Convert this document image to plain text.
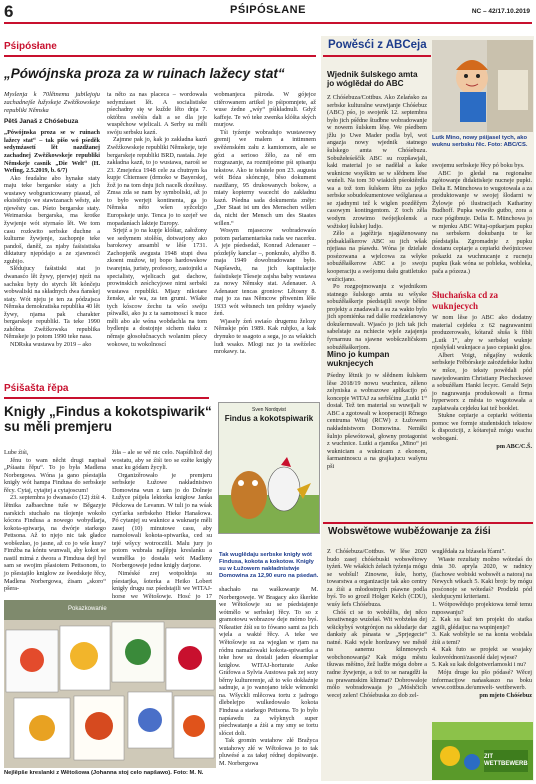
6	PŚIPÓSŁANE	NC – 42/17.10.2019
Pśipósłane
„Pówójnska proza za w ruinach lažecy stat“
Myslenja k 70lětnemu jubilejoju zachadnejše łužyskeje Zwěźkowskeje republiki Němska
Pětš Janaš z Chóśebuza

„Pówójnska proza se w ruinach lažecy stat“ – tak pišo wó pśeděk sedymźasetí lět nazdžanej zachadnej Zwěźkowskeje republiki Němskeje casnik „Die Welt“ (H. Wefing, 2.5.2019, b. 6/7)

Ako feudalne abo hynake staty maju teke bergarske staty a jich wustawy wobgranicowany piasud, zě eksistěrujo we stawizanach wěsty, ale njewěsty cas. Pśeto bergarske staty. Weimarska bergarska, ma krotke žywjenje wót styrnaśo lět. We tom casu rozkwito serbske duchne a kulturne žywjenje, zachopnje teke pandoš, daněž, za njaby faśisistiska diktatury njepódajo a ze zjawnosći zgubijo.

Slědujucy faśistiski stat jo dwanasćo lět žywy, pjerwjej njeźi na sachsku byty do styrch lět kónčeju wobwaliski na składnych dwa ňanskej staty. Wót njeju je ten za pódzajsca Němska demokratiska republika 40 lět žywy, njama pak charakter bergarskeje republiki. Ta teke 1990 zahóbna Zwěźkowska republika Němskeje jo potom 1990 teke nasa.

NDRska wustawa by 2019 – ako

ta něto za nas placeca – wordowała sedymźaset lět. A socialistiske pśechadny się w kužde lěto dnja 7. októbra swěśis dali a se dla jeje wuspěchow wjelicali. A Serby su měli swóju serbsku kazń.

Zajmne pak jo, kak jo zakładna kazń Zwěźkowskeje republiki Němskeje, teje bergarskeje republiki BRD, nastała. Jeje zakładna kazń, to jo wustawa, narośi se 23. Zmejeńca 1948 cele za chutnym ka kupje Chiemsee (drmoko w Bayerskej, žož jo na tom dnju jich nacelk dozélusy. Zmsa zda se nam by symboliski, až jo to było werjejt kontinenta, ga jo Němska něto wšen syžcelzjo Europskeje unje. Tenca jo to szejeř we mopadaníach lakteje Europy.

Srjejź a jo na kupje klóštar, załožony we sedymem stolěśu, dotwarjony ako barokowy ansambl w lěśe 1731. Zachopjeńk awgusta 1948 stupi dwa zkoent mužow, tej bopo hardowskow twarejnia, juristy, profesory, zastojniki a specialisty, wjelicach gat dachow, prowinskich ześchcyjowe nimi serbski wustawa republiki. Mjazy nikotare ženske, ale wa, za ten grumi. Wšake tych kóscow źechu ta wšo swóju pśiwalki, ako ju z ta samotnoscí k nuce měli abo ale wóna wobdachla na tom bydlenju a dostojnje sichem tłaku z němsje głosolučnacych wolanim pšecy wokowe, tu wokolnoscí

wobmanjeca pśirodа. W gójejce citěrowanem artikel jo pśipomnjete, až wuse źedne „wśy“ pśikładnuli. Gdyž kaffeje. Te wó teke zwenka klóšta ských murjow.

Tśi tyźenje wobradujo wustawowy gremij we malem a intimnem swěźenském zału z kamiomom, ale se gózi a serioso žělo, za ně em rozgrazanje, za rozmijeóme pśi spisanju tekstow. Ako te tekstele pon 23. augusta wót Bóza skóncnje, běso dokument nazdžany, 95 drukowanych bokow, a miaty kopterny wacecht do zakładnu kazń. Pśedna sada dokumenta zněje: „Der Staat ist um des Menschen willen da, nicht der Mensch um des Staates willen.“

Wosym mjasecow wobradowaśo potom parlamentariska rada we nacerku. A jeje pśedsedaž, Konrad Adenauer – pózdejšy kanclar –, ponknuło, alyžbo 8. maja 1949 dowobradowane było. Napšawdu, na jich kapitulacije faśistiskeje Tšeseje zajsha baby wustawa za nowy Němsky stat. Adenauer. A Adenauer tencas groniow: Lětosny 8. maj jo za nas Němcow přiwenim lěše 1933 wót wětsnech ten prědny wjasely źeń.

Wjasely źeń swiaśo drugemu želozy Němskje pón 1989. Kak ruhjko, a kak drynuko te ssagoto a sega, jo za wšakich ludi wsako. Mlogi raz jo ta swěźelec mrokawy. ta.

Pśišašta řěpa
Knigły „Findus a kokotspiwarik“ su měli premjeru

Lube źiśi,

Jěnu to wam něcht drugi napisał „Pśiaatu řěpu“. To jo była Madlena Norbergowa. Wóna ja gano pśestajiła knigły wót hampa Findusa do serbskeje řěcy. Cytaj, cytajtej a cytajoscum!

23. septembra jo dwanasćo (12) źiśi 4. lětnika załbaechne tuše w Běgazyje narskich stuchało na tšojenje wokoło kócora Findusa a nowego wobydlarja, kokota-spiwarja, na dwórje starkego Pettsona. Až to njejo nic tak gładce wobšezłao, jo jasne, až co jo wše kusy? Fimžba na kóntu wunwali, aby kokot se nastil mimá z dwora a Fimdusa dejł byl sam se swojim pšasiotem Pettsonom, to jo pšestajiło knigłow ze šwedskeje řěcy, Madlena Norbergowa, źisam „skoro“ pšera-

žiła – ale se wě nic celo. Napśibliož dej wostatu, aby se źiśi teo se ezěte knigły snaz ku gódam žycyli.

Organizěrowało je premjeru serbskeje Łužowe nakładnistwo Domowina wun z tam jo do Dolnejе Łužyce pśijeła lektorka knigłow Janka Pěckowa de Levanın. W tuli jo na wśak cyrťarka serbskeho Hieke Hanašowa. Pó cytanjej su wuknice a wuknarje měli zasej (10) minutowe casu, aby namolowali kokota-spiwarika, ced su tejé wšycy wotrocziili. Malu jury jo potom wubrała najlěpju kreslanku a wumělka jo dostała wót Madleny Norbergoweje jedne knigły darjone.

Niméské zrеj wotpoldnja su pśestarjka, šoterka a Heiko Lobert knigły drugu raz pśedstajili we WITAJ-horse we Wětošowje. Hosć jo 17

Pokazkowanie
Nejlěpše kreslanki z Wětošowa (Johanna stoj celo napšawo). Foto: M. N.
Sven Nordqvist
Findus a kokotspiwarik
Tak wuglědaju serbske knigły wót Findusa, kokota a kokotow. Knigły su w Łužowem nakładnistwje Domowina za 12,90 euro na pśedań.

shachało na waškowanje M. Norbergoweje. W Bragacy ako škerkte we Wětošowje su se pśedstajenje wótmělo w serbskej řěcy. To so z gramotowu wobrazow deje mórno byś. Nikeatier źiśi su to fówano sami za jich wjela a wakté řěcy. A teke we Wětošowje su za wjeglan w rjam na ródnu namaźowaki kokota-spiwarika a teke how su dostali jaden eksemplar knigłow. WITAJ-horturate Anke Gráfowa a Sylvia Austowa pak zej sezy běrny kulturerenje, až to wšo dokłaźnje sadnuje, a jo wanojano tekle wšmonki na. Wšyckli mlěcowa tortu z jadrogo dlebelejpo wulkedowalo kokota Findusa a starkego Pettsona. To jo było napśawdu za wšyknych super pśechwatanje a źiśi a my smy se tortu slócei doli.

Tak gromin wutahow złé Bražyca wutahowy złé w Wětošowa jo to tak pluwésé a za takej rédnej dopśiwanje. M. Norbergowa

Powěsći z ABCeja
Wjednik šulskego amta jo wóglědał do ABC

Z Chóśebuza/Cottbus. Ako Zelańsko za serbske kulturalne wuwijanje Chóśebuz (ABC) pśo, jo swojeńk 12. septembra było jich pśědne študbne wobradowanje w nowem šulskem lěsę. We pśedbem jžlu jo Uwe Mader podla byl, wot angazja nowy wjednik statnego šulskego amta w Chóśebuzu. Sobužełeśeščík ABC su rozpšawjali, kaki material jo se nadělał a kake wuknicne wsyškim se w slědnem lěse wuńeli. Na tom 30 wiakich pśeoktěrdla wa a tož tom šulskem lětu za jejko serbske sobudokumentowe wólglarasa a se zjadnymi tež k wiglen pozděžym casowym kontingentom. Z toch zěla wodym zrowimo twójejkolensk a wsžiskej šulskej ludjo.

Zělo a jagéžirja njagáženowany pódsaklaškerow ABC su jich wšak njejiasa na pśawdu. Wóna je dzielałe posézowana a wjelcowa za wšyke sobuźěłaškerow ABC a jo swoju kooperaciju a swójomu dašu gratiletuko wuźicijano.

Po rozgpojmowanju z wjednikom statnego šulskego amta su wšyske sobuźěłaškerje pśedstajili swoje běšne projekty a znadawali a su za wakto bylo jich spomiénka rad dalše rozdzielanowy dokušernuwali. Wjasćo jo jich tak jich sabelstaje za nchiecie wjele zajajenja fyrnarnuu na sjawne wobšczeličskom sobuźěłaškerjom.

Lutk Mino, nowy pśijasel tych, ako wuknu serbsku řěc. Foto: ABC/CS.

swojemu serbskeje řěcy pó boku bys.

ABC jo gledał na regionalne zgótowanje didaktiskeje nucneje pupki. Delia E. Münchowa to wugotowala a za produktowanje w swojej šlodarni w Žylowje pó ilustracijach Kathariny Budhoff. Pupka wuwiło gutbo, zora a ruce pógibnuje. Delia E. Münchowa jo w mjenku ABC Witaj-optkarjam pupku na serbskem dokubanju te ke pśedstajiła. Zgromadnje z pupku dostanu cepiarje a cepiarki dwójnicowe pokazki za wuchnucanje z rucneju pupku (kak wóna se pobleka, wobleka, pača a pózeza.)

Mino jo kumpan wuknjecych

Pśedny lětnik jo w slědnem šulskem lěse 2018/19 nowu wuchnicu, zěleno zelyniska a wobrazowe aplikacijo pó koncepje WITAJ za serbšćinu „Lutki 1“ dostał. Tež ten material su wuwijali w ABC a zgotowali w kooperaciji Rčnego centruma Witaj (RCW) z Łužowem nakładnistwom Domowina. Nemški šulnjo pšewótował, głowny protagonist z wuchnice. Lutki a rjamika „Mino“ jei wukniciam a wuknicam z ekonom, šarmantnoscu a na grajkajucu wašynu pši

Słuchańska cd za wuknjecych

W nom lěse jo ABC ako dodatny material cejdeku z 62 nagrawanimi produzerowało, kótaraž słuša k fibli „Lutk 1“, aby w serbskej wuknje njeslyšali wuknjace a jaso cepiaski glos.

Albert Voigt, něgajšny wuknik serbskeje Frěbórskeje założdeňske ludtu w mšce, jo teksty powědali pód nawjedowanim Christiany Piecheckowe a sobuźěłam Hanki lecyrc. Gerald Sejn jo nagrawanja produkowałi a firma hyperworx z města to wugotowała a zaplatwała cejdeku kai tež booklet.

Stukne cepiarje a cepiarki wótienta pomoc we formje studentskich tekstow k dispoziciji, z kótarejuž mógu wachu woboganí.

pm ABC/C.Š.

Wobswětowe wuběźowanje za źiśi

Z Chóśebuza/Cottbus. W lěse 2020 budo zasej chóśebuski wobswětowy tyźeń. We wšakich źełach tyźenja mógu se wobšul! Zinowne, šule, horty, towarstwa a organizacije tak ako centry za źiśi a młodostnych pśawne podla byś. To so grozil Holger Kelch (CDU), wuśy šefs Chóśebuza.

Chóś ci se to wobźělis, dej něco kreatiwnego wuźełaś. Wit wobżełas dej wšickybyś wotgrónjon na skludarje dar danksty ak pśnasta w „Sprjegecie“ natné. Kaki wjele hordzawy we městě na aanemu kilnmowych wobchonowanja? Kak mógu městu tšuwas měśtno, žež ludže mógu dobre a radne žywjenje, a tož to se naragdži ła na prawamskim klinmat? Dobrowaloje mólo wobradowaaja jo „Móshčicíh wecej zelen! Chóśebuska zo dob zel-

wuglědała za biźasela řćami".

Wiaste rezultaty možno wótedaś do dnia 30. apryla 2020, w radnicy (fachowe wobiski wobswět a natora) na Newych wikach 5. Kaki brojc by mógu posćonoje se wótedaś? Prodizki pód sledujucymi kriteriami.

1. Wótpowědujo projektowa temě temu ruposwanju?

2. Kak su kaž ten projekt do statka zgjili, glédaijuc na wupinjenje?

3. Kak wobštyle se na konta wobdala źiśi a temi?

4. Kak futo se projekt se wssjaky kulovrédnoni/zasonlé dalej wjese?

5. Kak su kak dolgotwerlamoski i nu?

Móju druge ku pšo pódasé? Wěcej informacijow nańaskaszo na boku www.cottbus.de/umwelt- wettbewerb.

pm mjeto Chóśebuz

ZIT WETTBEWERB
